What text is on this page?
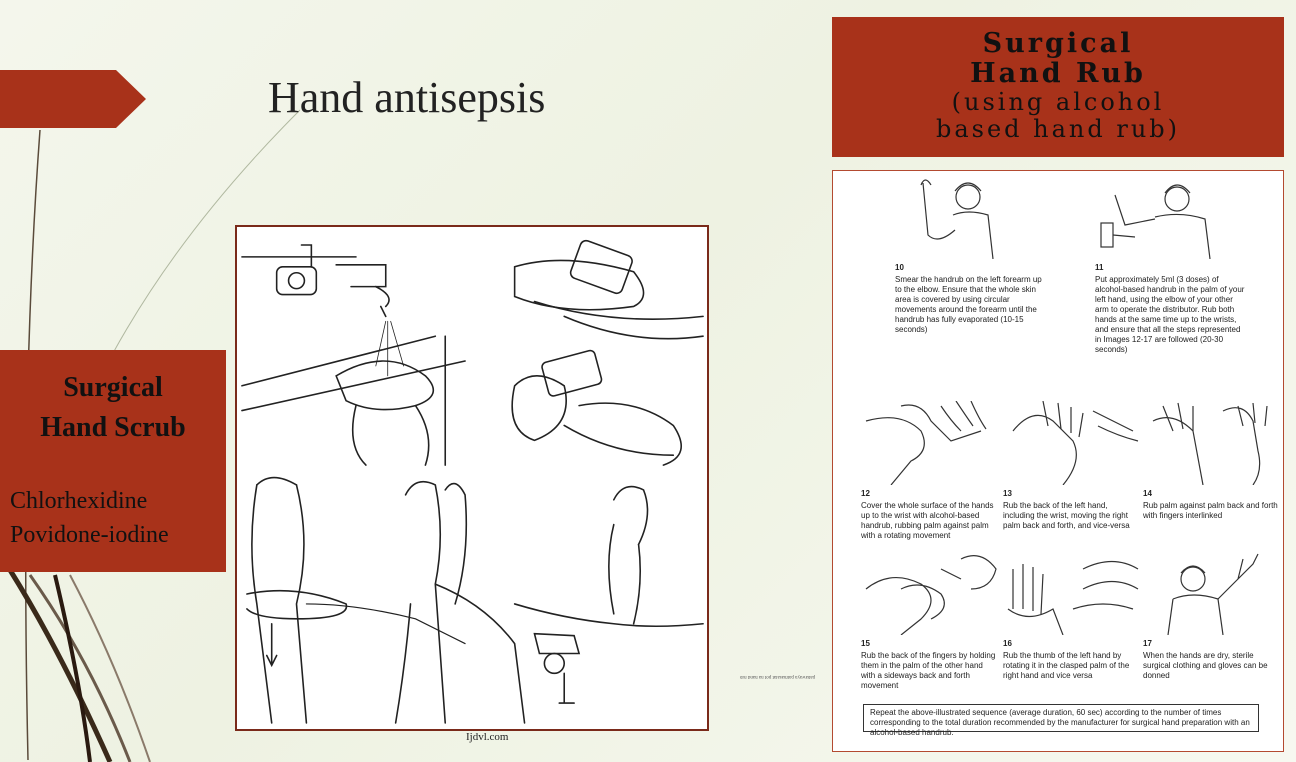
Hand antisepsis
Surgical
Hand Scrub
Chlorhexidine
Povidone-iodine
Ijdvl.com
pabawaya palmasalat pot na hand rub
Surgical
Hand Rub
(using alcohol
based hand rub)
10
Smear the handrub on the left forearm up to the elbow. Ensure that the whole skin area is covered by using circular movements around the forearm until the handrub has fully evaporated (10-15 seconds)
11
Put approximately 5ml (3 doses) of alcohol-based handrub in the palm of your left hand, using the elbow of your other arm to operate the distributor. Rub both hands at the same time up to the wrists, and ensure that all the steps represented in Images 12-17 are followed (20-30 seconds)
12
Cover the whole surface of the hands up to the wrist with alcohol-based handrub, rubbing palm against palm with a rotating movement
13
Rub the back of the left hand, including the wrist, moving the right palm back and forth, and vice-versa
14
Rub palm against palm back and forth with fingers interlinked
15
Rub the back of the fingers by holding them in the palm of the other hand with a sideways back and forth movement
16
Rub the thumb of the left hand by rotating it in the clasped palm of the right hand and vice versa
17
When the hands are dry, sterile surgical clothing and gloves can be donned
Repeat the above-illustrated sequence (average duration, 60 sec) according to the number of times corresponding to the total duration recommended by the manufacturer for surgical hand preparation with an alcohol-based handrub.
